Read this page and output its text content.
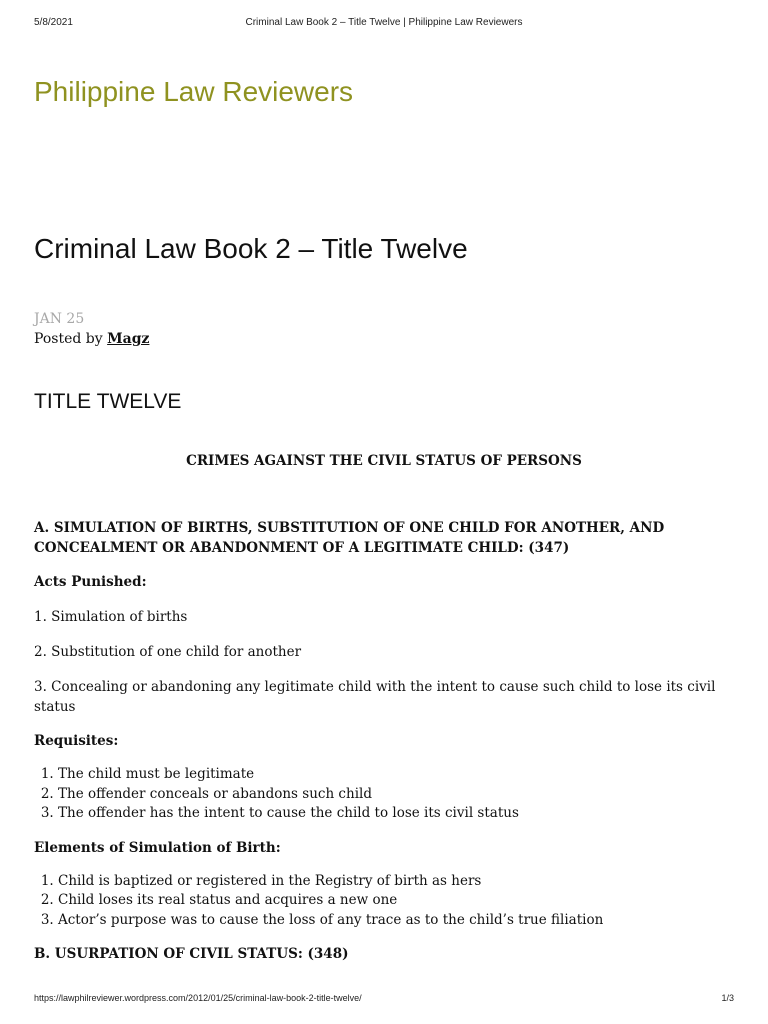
5/8/2021	Criminal Law Book 2 – Title Twelve | Philippine Law Reviewers
Philippine Law Reviewers
Criminal Law Book 2 – Title Twelve
JAN 25
Posted by Magz
TITLE TWELVE

CRIMES AGAINST THE CIVIL STATUS OF PERSONS

A. SIMULATION OF BIRTHS, SUBSTITUTION OF ONE CHILD FOR ANOTHER, AND CONCEALMENT OR ABANDONMENT OF A LEGITIMATE CHILD: (347)

Acts Punished:

1. Simulation of births

2. Substitution of one child for another

3. Concealing or abandoning any legitimate child with the intent to cause such child to lose its civil status

Requisites:

1. The child must be legitimate
2. The offender conceals or abandons such child
3. The offender has the intent to cause the child to lose its civil status

Elements of Simulation of Birth:

1. Child is baptized or registered in the Registry of birth as hers
2. Child loses its real status and acquires a new one
3. Actor’s purpose was to cause the loss of any trace as to the child’s true filiation

B. USURPATION OF CIVIL STATUS: (348)

https://lawphilreviewer.wordpress.com/2012/01/25/criminal-law-book-2-title-twelve/	1/3
